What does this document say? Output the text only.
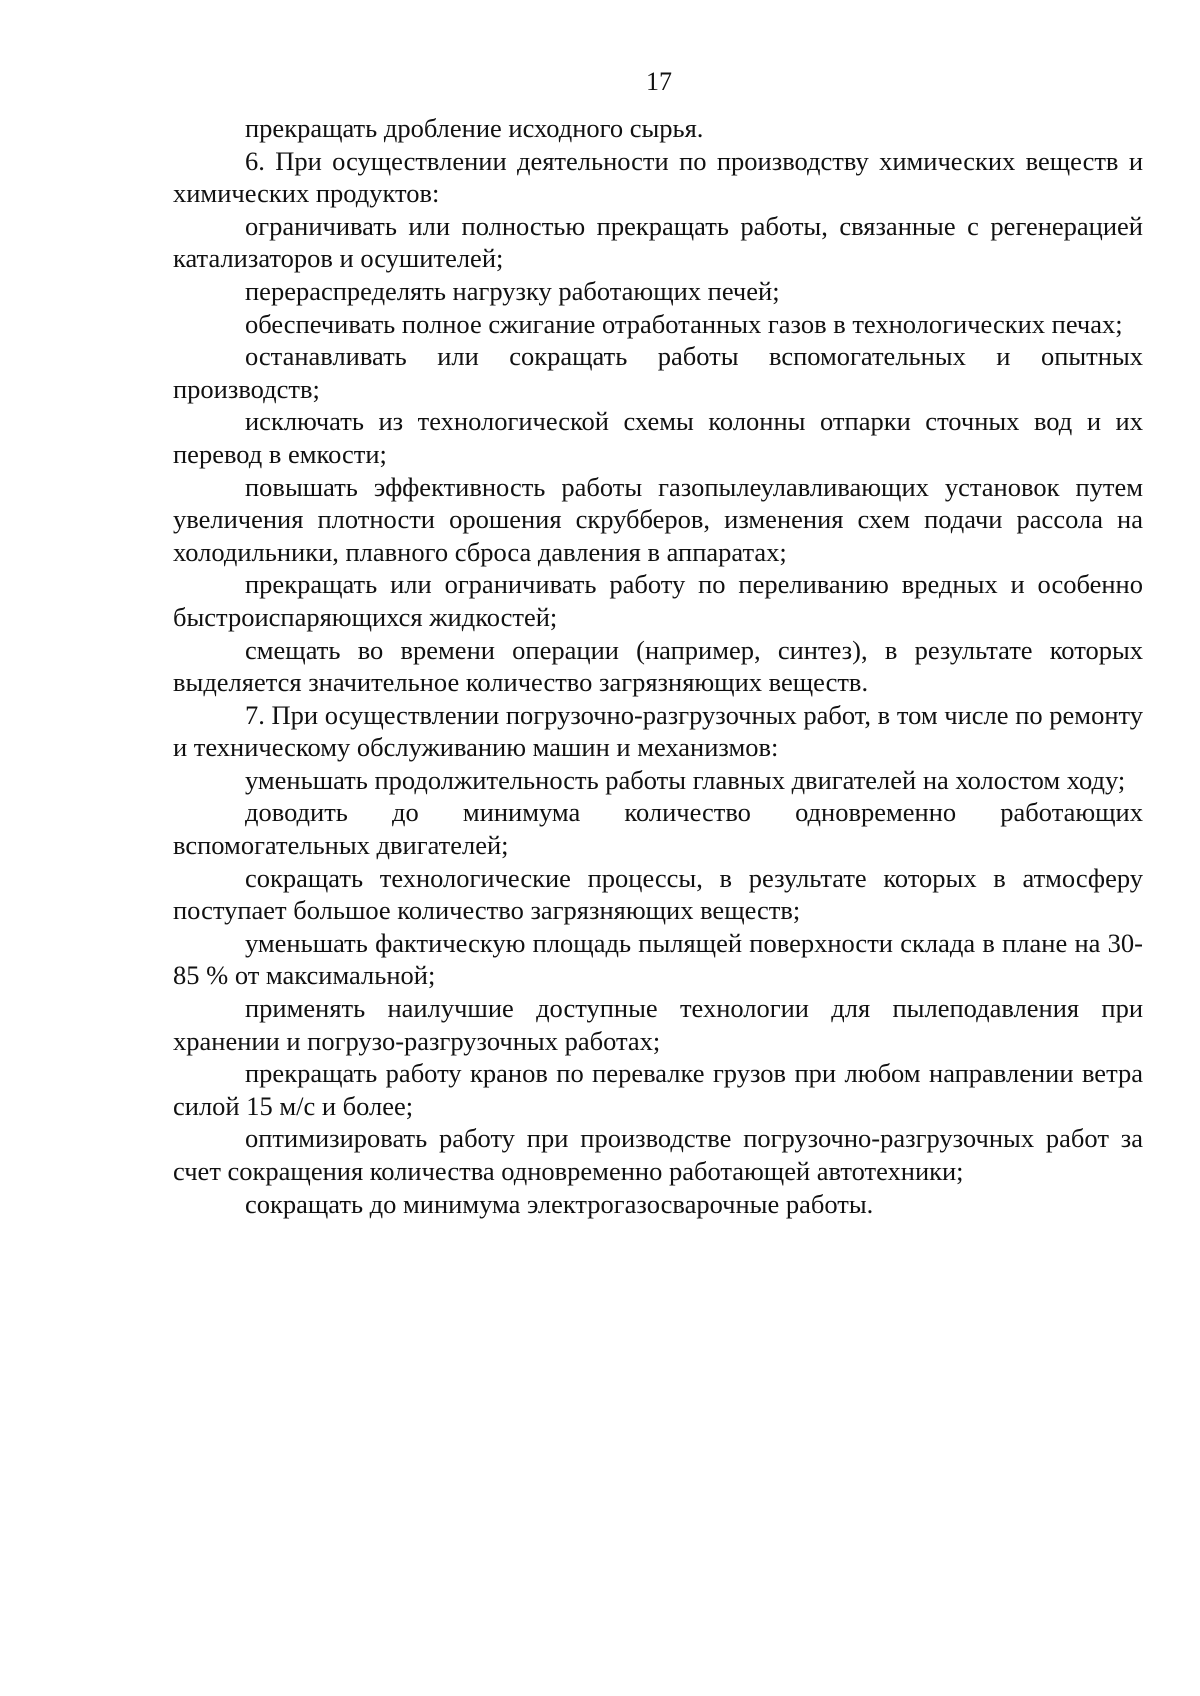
17

прекращать дробление исходного сырья.

6. При осуществлении деятельности по производству химических веществ и химических продуктов:

ограничивать или полностью прекращать работы, связанные с регенерацией катализаторов и осушителей;

перераспределять нагрузку работающих печей;

обеспечивать полное сжигание отработанных газов в технологических печах;

останавливать или сокращать работы вспомогательных и опытных производств;

исключать из технологической схемы колонны отпарки сточных вод и их перевод в емкости;

повышать эффективность работы газопылеулавливающих установок путем увеличения плотности орошения скрубберов, изменения схем подачи рассола на холодильники, плавного сброса давления в аппаратах;

прекращать или ограничивать работу по переливанию вредных и особенно быстроиспаряющихся жидкостей;

смещать во времени операции (например, синтез), в результате которых выделяется значительное количество загрязняющих веществ.

7. При осуществлении погрузочно-разгрузочных работ, в том числе по ремонту и техническому обслуживанию машин и механизмов:

уменьшать продолжительность работы главных двигателей на холостом ходу;

доводить до минимума количество одновременно работающих вспомогательных двигателей;

сокращать технологические процессы, в результате которых в атмосферу поступает большое количество загрязняющих веществ;

уменьшать фактическую площадь пылящей поверхности склада в плане на 30-85 % от максимальной;

применять наилучшие доступные технологии для пылеподавления при хранении и погрузо-разгрузочных работах;

прекращать работу кранов по перевалке грузов при любом направлении ветра силой 15 м/с и более;

оптимизировать работу при производстве погрузочно-разгрузочных работ за счет сокращения количества одновременно работающей автотехники;

сокращать до минимума электрогазосварочные работы.
